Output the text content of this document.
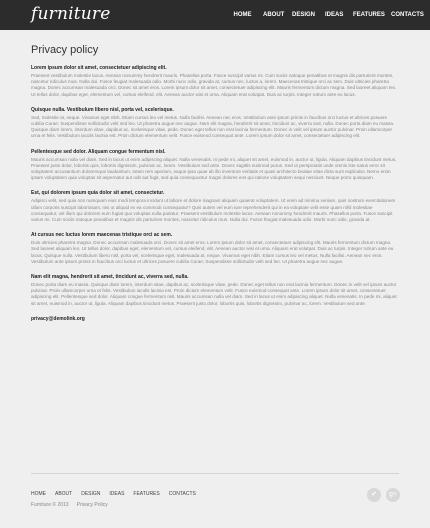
furniture	HOME	ABOUT	DESIGN	IDEAS	FEATURES	CONTACTS
Privacy policy
Lorem ipsum dolor sit amet, consectetuer adipiscing elit.
Praesent vestibulum molestie lacus. Aenean nonummy hendrerit mauris. Phasellus porta. Fusce suscipit varius mi. Cum sociis natoque penatibus et magnis dis parturient montes, nascetur ridiculus mus. Nulla dui. Fusce feugiat malesuada odio. Morbi nunc odio, gravida at, cursus nec, luctus a, lorem. Maecenas tristique orci ac sem. Duis ultricies pharetra magna. Donec accumsan malesuada orci. Donec sit amet eros. Lorem ipsum dolor sit amet, consectetuer adipiscing elit. Mauris fermentum dictum magna. Sed laoreet aliquam leo. Ut tellus dolor, dapibus eget, elementum vel, cursus eleifend, elit. Aenean auctor wisi et urna. Aliquam erat volutpat. Duis ac turpis. Integer rutrum ante eu lacus.
Quisque nulla. Vestibulum libero nisl, porta vel, scelerisque.
Sed, molestie at, neque. Vivamus eget nibh. Etiam cursus leo vel metus. Nulla facilisi. Aenean nec eros. Vestibulum ante ipsum primis in faucibus orci luctus et ultrices posuere cubilia Curae; Suspendisse sollicitudin velit sed leo. Ut pharetra augue nec augue. Nam elit magna, hendrerit sit amet, tincidunt ac, viverra sed, nulla. Donec porta diam eu massa. Quisque diam lorem, interdum vitae, dapibus ac, scelerisque vitae, pede. Donec eget tellus non erat lacinia fermentum. Donec in velit vel ipsum auctor pulvinar. Proin ullamcorper urna et felis. Vestibulum iaculis lacinia est. Proin dictum elementum velit. Fusce euismod consequat ante. Lorem ipsum dolor sit amet, consectetuer adipiscing elit.
Pellentesque sed dolor. Aliquam congue fermentum nisl.
Mauris accumsan nulla vel diam. Sed in lacus ut enim adipiscing aliquet. Nulla venenatis. In pede mi, aliquet sit amet, euismod in, auctor ut, ligula. Aliquam dapibus tincidunt metus. Praesent justo dolor, lobortis quis, lobortis dignissim, pulvinar ac, lorem. Vestibulum sed ante. Donec sagittis euismod purus. Sed ut perspiciatis unde omnis iste natus error sit voluptatem accusantium doloremque laudantium, totam rem aperiam, eaque ipsa quae ab illo inventore veritatis et quasi architecto beatae vitae dicta sunt explicabo. Nemo enim ipsam voluptatem quia voluptas sit aspernatur aut odit aut fugit, sed quia consequuntur magni dolores eos qui ratione voluptatem sequi nesciunt. Neque porro quisquam.
Est, qui dolorem ipsum quia dolor sit amet, consectetur.
Adipisci velit, sed quia non numquam eius modi tempora incidunt ut labore et dolore magnam aliquam quaerat voluptatem. Ut enim ad minima veniam, quis nostrum exercitationem ullam corporis suscipit laboriosam, nisi ut aliquid ex ea commodi consequatur? Quis autem vel eum iure reprehenderit qui in ea voluptate velit esse quam nihil molestiae consequatur, vel illum qui dolorem eum fugiat quo voluptas nulla pariatur. Praesent vestibulum molestie lacus. Aenean nonummy hendrerit mauris. Phasellus porta. Fusce suscipit varius mi. Cum sociis natoque penatibus et magnis dis parturient montes, nascetur ridiculus mus. Nulla dui. Fusce feugiat malesuada odio. Morbi nunc odio, gravida at.
At cursus nec luctus lorem maecenas tristique orci ac sem.
Duis ultricies pharetra magna. Donec accumsan malesuada orci. Donec sit amet eros. Lorem ipsum dolor sit amet, consectetuer adipiscing elit. Mauris fermentum dictum magna. Sed laoreet aliquam leo. Ut tellus dolor, dapibus eget, elementum vel, cursus eleifend, elit. Aenean auctor wisi et urna. Aliquam erat volutpat. Duis ac turpis. Integer rutrum ante eu lacus. Quisque nulla. Vestibulum libero nisl, porta vel, scelerisque eget, malesuada at, neque. Vivamus eget nibh. Etiam cursus leo vel metus. Nulla facilisi. Aenean nec eros. Vestibulum ante ipsum primis in faucibus orci luctus et ultrices posuere cubilia Curae; Suspendisse sollicitudin velit sed leo. Ut pharetra augue nec augue.
Nam elit magna, hendrerit sit amet, tincidunt ac, viverra sed, nulla.
Donec porta diam eu massa. Quisque diam lorem, interdum vitae, dapibus ac, scelerisque vitae, pede. Donec eget tellus non erat lacinia fermentum. Donec in velit vel ipsum auctor pulvinar. Proin ullamcorper urna et felis. Vestibulum iaculis lacinia est. Proin dictum elementum velit. Fusce euismod consequat ante. Lorem ipsum dolor sit amet, consectetuer adipiscing elit. Pellentesque sed dolor. Aliquam congue fermentum nisl. Mauris accumsan nulla vel diam. Sed in lacus ut enim adipiscing aliquet. Nulla venenatis. In pede mi, aliquet sit amet, euismod in, auctor ut, ligula. Aliquam dapibus tincidunt metus. Praesent justo dolor, lobortis quis, lobortis dignissim, pulvinar ac, lorem. Vestibulum sed ante.
privacy@demolink.org
HOME ABOUT DESIGN IDEAS FEATURES CONTACTS
Furniture © 2013 Privacy Policy
✔	g+
